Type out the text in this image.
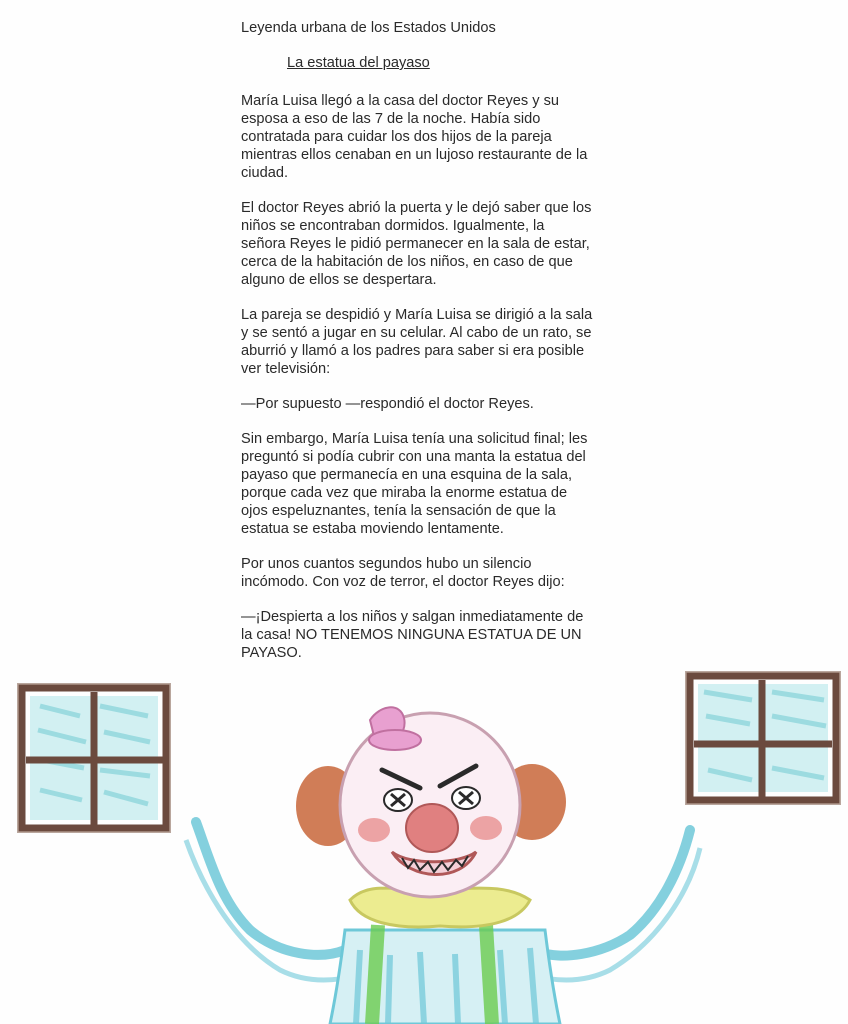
Leyenda urbana de los Estados Unidos
La estatua del payaso

María Luisa llegó a la casa del doctor Reyes y su
esposa a eso de las 7 de la noche. Había sido
contratada para cuidar los dos hijos de la pareja
mientras ellos cenaban en un lujoso restaurante de la
ciudad.

El doctor Reyes abrió la puerta y le dejó saber que los
niños se encontraban dormidos. Igualmente, la
señora Reyes le pidió permanecer en la sala de estar,
cerca de la habitación de los niños, en caso de que
alguno de ellos se despertara.

La pareja se despidió y María Luisa se dirigió a la sala
y se sentó a jugar en su celular. Al cabo de un rato, se
aburrió y llamó a los padres para saber si era posible
ver televisión:

—Por supuesto —respondió el doctor Reyes.

Sin embargo, María Luisa tenía una solicitud final; les
preguntó si podía cubrir con una manta la estatua del
payaso que permanecía en una esquina de la sala,
porque cada vez que miraba la enorme estatua de
ojos espeluznantes, tenía la sensación de que la
estatua se estaba moviendo lentamente.

Por unos cuantos segundos hubo un silencio
incómodo. Con voz de terror, el doctor Reyes dijo:

—¡Despierta a los niños y salgan inmediatamente de
la casa! NO TENEMOS NINGUNA ESTATUA DE UN
PAYASO.
